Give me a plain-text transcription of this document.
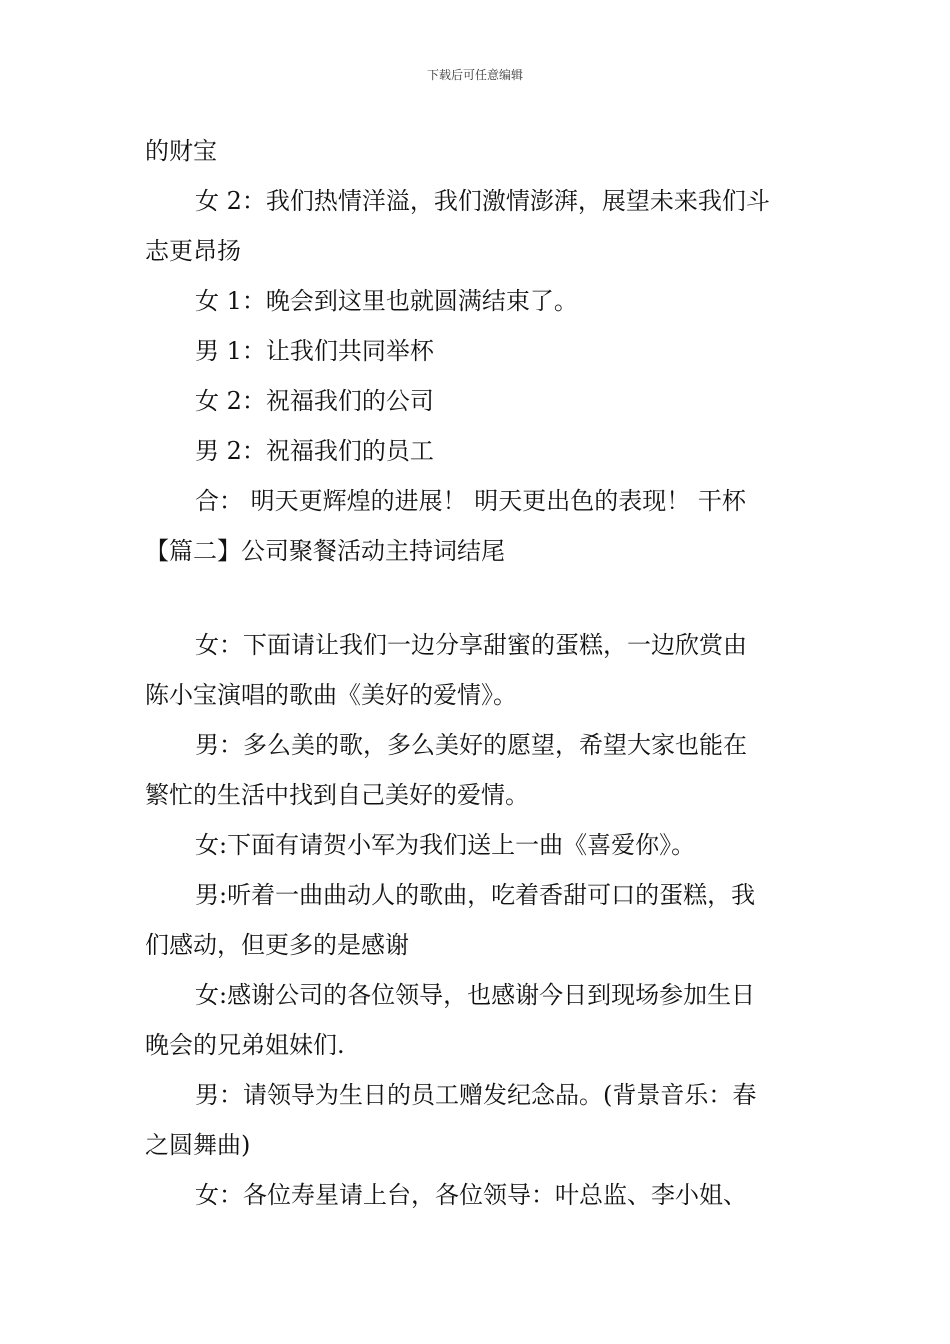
下载后可任意编辑
的财宝
女 2：我们热情洋溢，我们激情澎湃，展望未来我们斗
志更昂扬
女 1：晚会到这里也就圆满结束了。
男 1：让我们共同举杯
女 2：祝福我们的公司
男 2：祝福我们的员工
合： 明天更辉煌的进展！ 明天更出色的表现！ 干杯
【篇二】公司聚餐活动主持词结尾
女：下面请让我们一边分享甜蜜的蛋糕，一边欣赏由
陈小宝演唱的歌曲《美好的爱情》。
男：多么美的歌，多么美好的愿望，希望大家也能在
繁忙的生活中找到自己美好的爱情。
女:下面有请贺小军为我们送上一曲《喜爱你》。
男:听着一曲曲动人的歌曲，吃着香甜可口的蛋糕，我
们感动，但更多的是感谢
女:感谢公司的各位领导，也感谢今日到现场参加生日
晚会的兄弟姐妹们.
男：请领导为生日的员工赠发纪念品。(背景音乐：春
之圆舞曲)
女：各位寿星请上台，各位领导：叶总监、李小姐、
